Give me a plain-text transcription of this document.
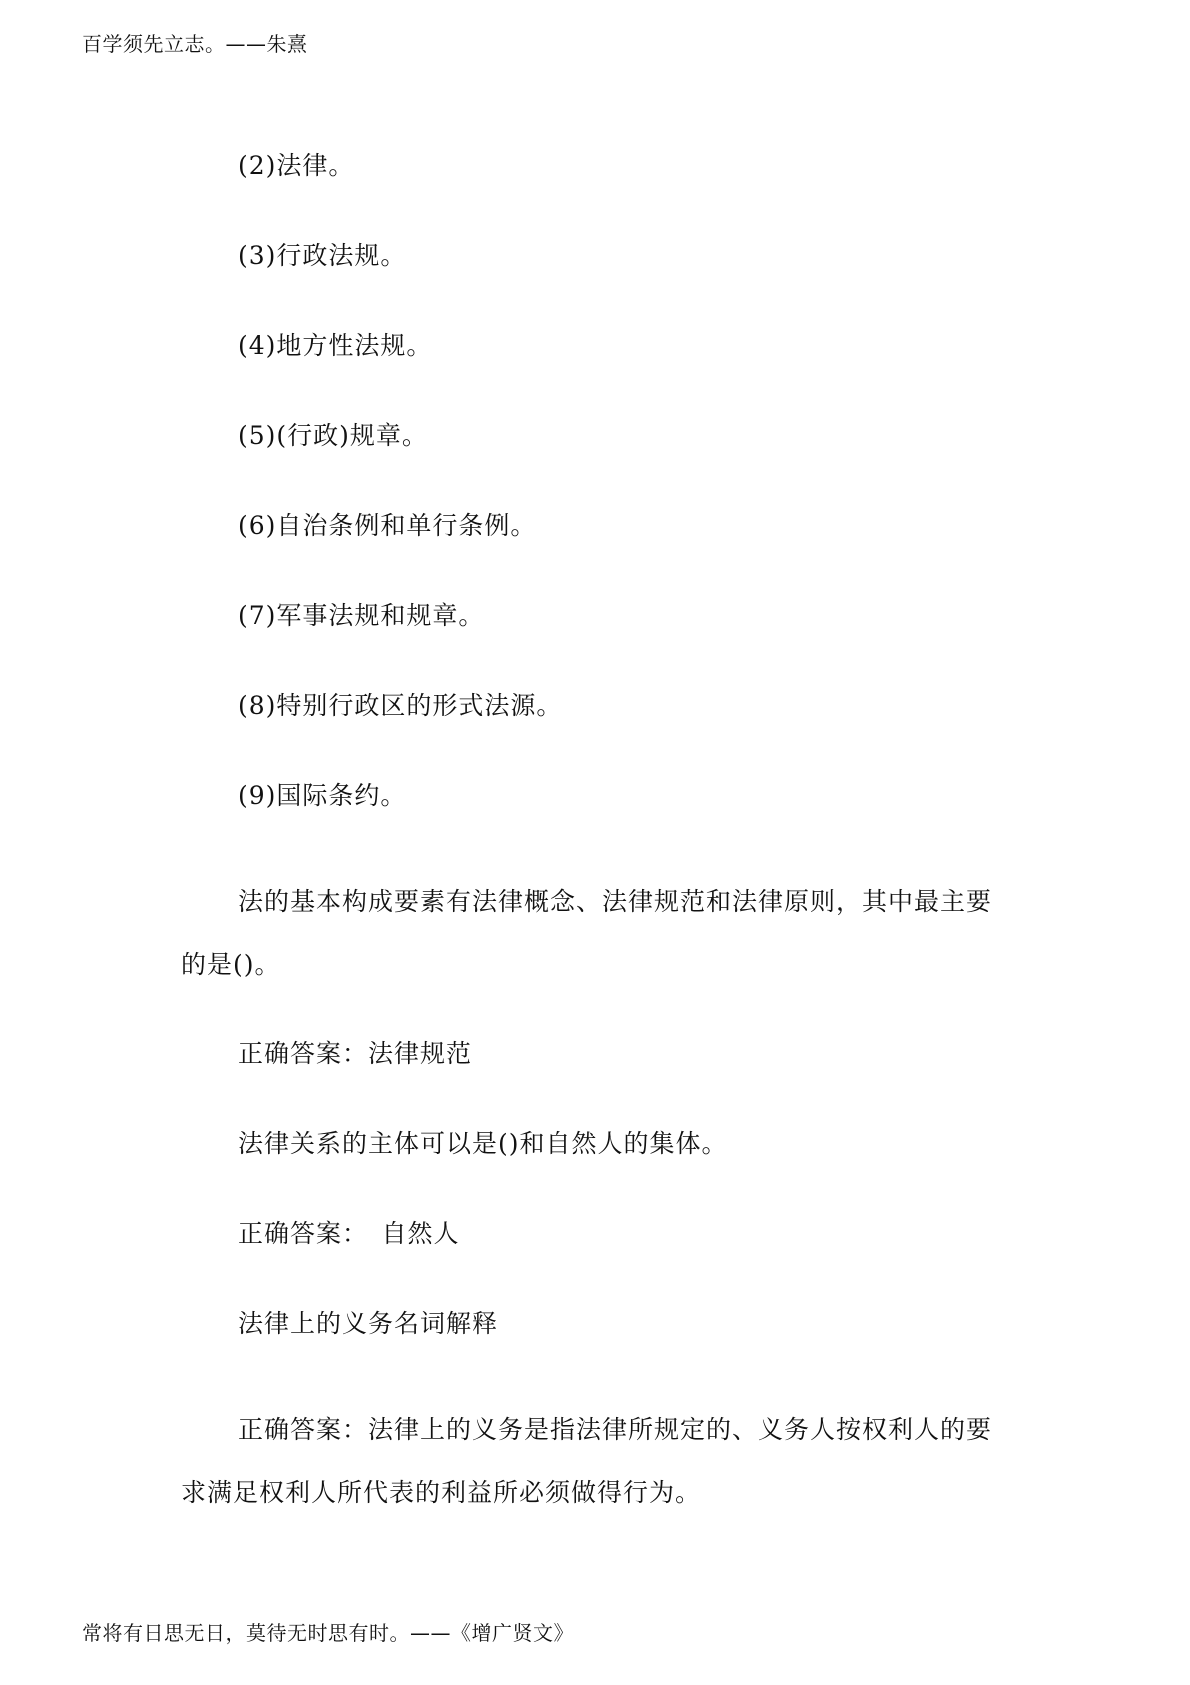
百学须先立志。——朱熹

(2)法律。

(3)行政法规。

(4)地方性法规。

(5)(行政)规章。

(6)自治条例和单行条例。

(7)军事法规和规章。

(8)特别行政区的形式法源。

(9)国际条约。

法的基本构成要素有法律概念、法律规范和法律原则，其中最主要的是()。

正确答案：法律规范

法律关系的主体可以是()和自然人的集体。

正确答案：　自然人

法律上的义务名词解释

正确答案：法律上的义务是指法律所规定的、义务人按权利人的要求满足权利人所代表的利益所必须做得行为。

常将有日思无日，莫待无时思有时。——《增广贤文》
